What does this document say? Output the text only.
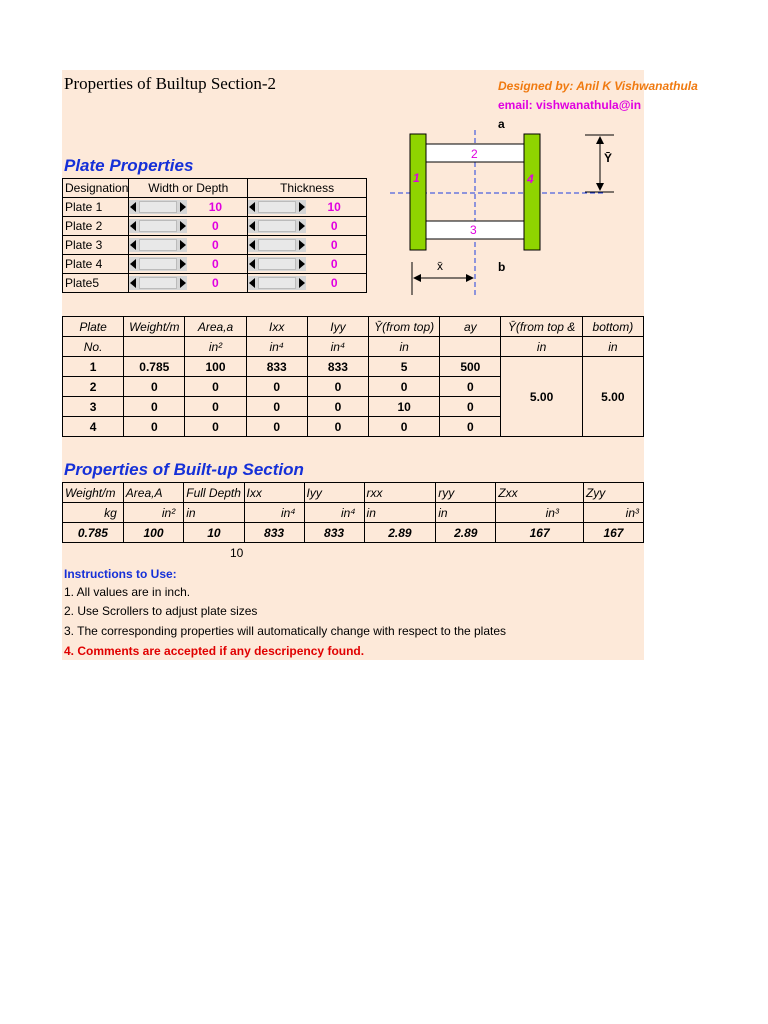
Properties of Builtup Section-2	Designed by: Anil K Vishwanathula
email: vishwanathula@in
a
1
2
3
4
Ȳ
x̄	b
Plate Properties
Designation	Width or Depth	Thickness
Plate 1	10	10

Plate 2	0	0

Plate 3	0	0

Plate 4	0	0

Plate5	0	0
Plate	Weight/m	Area,a	Ixx	Iyy	Ȳ(from top)	ay	Ȳ(from top &	bottom)
No.		in²	in⁴	in⁴	in		in	in
1	0.785	100	833	833	5	500	5.00	5.00
2	0	0	0	0	0	0		
3	0	0	0	0	10	0		
4	0	0	0	0	0	0		
Properties of Built-up Section
Weight/m	Area,A	Full Depth	Ixx	Iyy	rxx	ryy	Zxx	Zyy
kg	in²	in	in⁴	in⁴	in	in	in³	in³
0.785	100	10	833	833	2.89	2.89	167	167
10
Instructions to Use:
1. All values are in inch.
2. Use Scrollers to adjust plate sizes
3. The corresponding properties will automatically change with respect to the plates
4. Comments are accepted if any descripency found.
